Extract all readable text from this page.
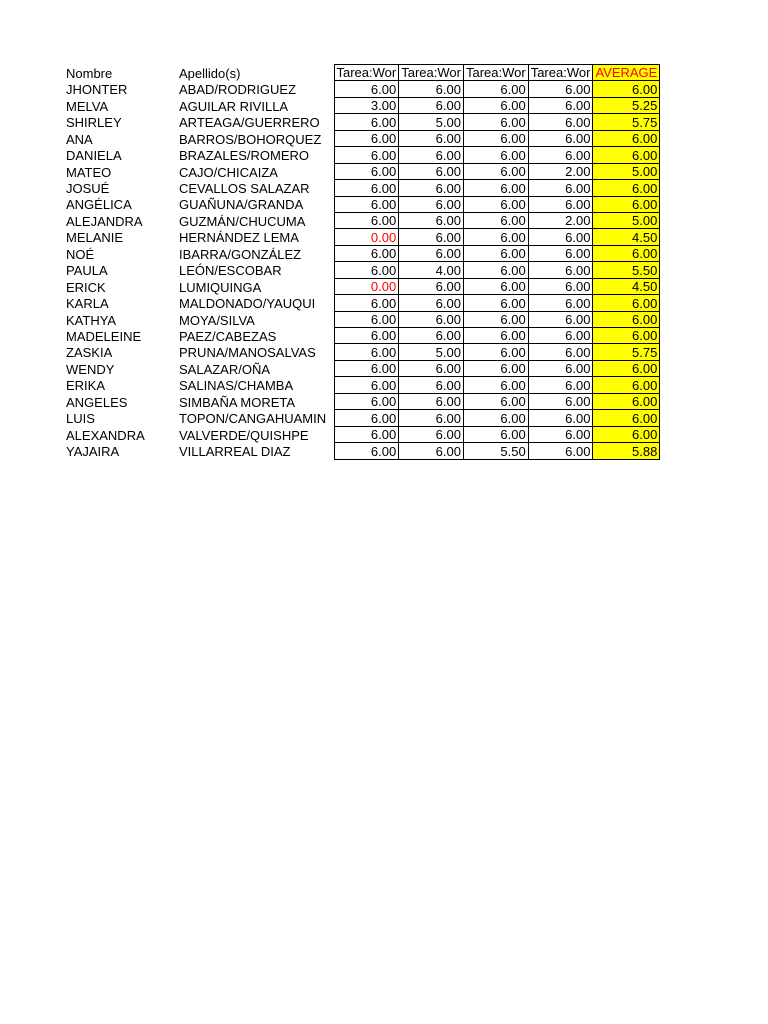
Nombre	Apellido(s)	Tarea:Wor	Tarea:Wor	Tarea:Wor	Tarea:Wor	AVERAGE
JHONTER	ABAD/RODRIGUEZ	6.00	6.00	6.00	6.00	6.00
MELVA	AGUILAR RIVILLA	3.00	6.00	6.00	6.00	5.25
SHIRLEY	ARTEAGA/GUERRERO	6.00	5.00	6.00	6.00	5.75
ANA	BARROS/BOHORQUEZ	6.00	6.00	6.00	6.00	6.00
DANIELA	BRAZALES/ROMERO	6.00	6.00	6.00	6.00	6.00
MATEO	CAJO/CHICAIZA	6.00	6.00	6.00	2.00	5.00
JOSUÉ	CEVALLOS SALAZAR	6.00	6.00	6.00	6.00	6.00
ANGÉLICA	GUAÑUNA/GRANDA	6.00	6.00	6.00	6.00	6.00
ALEJANDRA	GUZMÁN/CHUCUMA	6.00	6.00	6.00	2.00	5.00
MELANIE	HERNÁNDEZ LEMA	0.00	6.00	6.00	6.00	4.50
NOÉ	IBARRA/GONZÁLEZ	6.00	6.00	6.00	6.00	6.00
PAULA	LEÓN/ESCOBAR	6.00	4.00	6.00	6.00	5.50
ERICK	LUMIQUINGA	0.00	6.00	6.00	6.00	4.50
KARLA	MALDONADO/YAUQUI	6.00	6.00	6.00	6.00	6.00
KATHYA	MOYA/SILVA	6.00	6.00	6.00	6.00	6.00
MADELEINE	PAEZ/CABEZAS	6.00	6.00	6.00	6.00	6.00
ZASKIA	PRUNA/MANOSALVAS	6.00	5.00	6.00	6.00	5.75
WENDY	SALAZAR/OÑA	6.00	6.00	6.00	6.00	6.00
ERIKA	SALINAS/CHAMBA	6.00	6.00	6.00	6.00	6.00
ANGELES	SIMBAÑA MORETA	6.00	6.00	6.00	6.00	6.00
LUIS	TOPON/CANGAHUAMIN	6.00	6.00	6.00	6.00	6.00
ALEXANDRA	VALVERDE/QUISHPE	6.00	6.00	6.00	6.00	6.00
YAJAIRA	VILLARREAL DIAZ	6.00	6.00	5.50	6.00	5.88
